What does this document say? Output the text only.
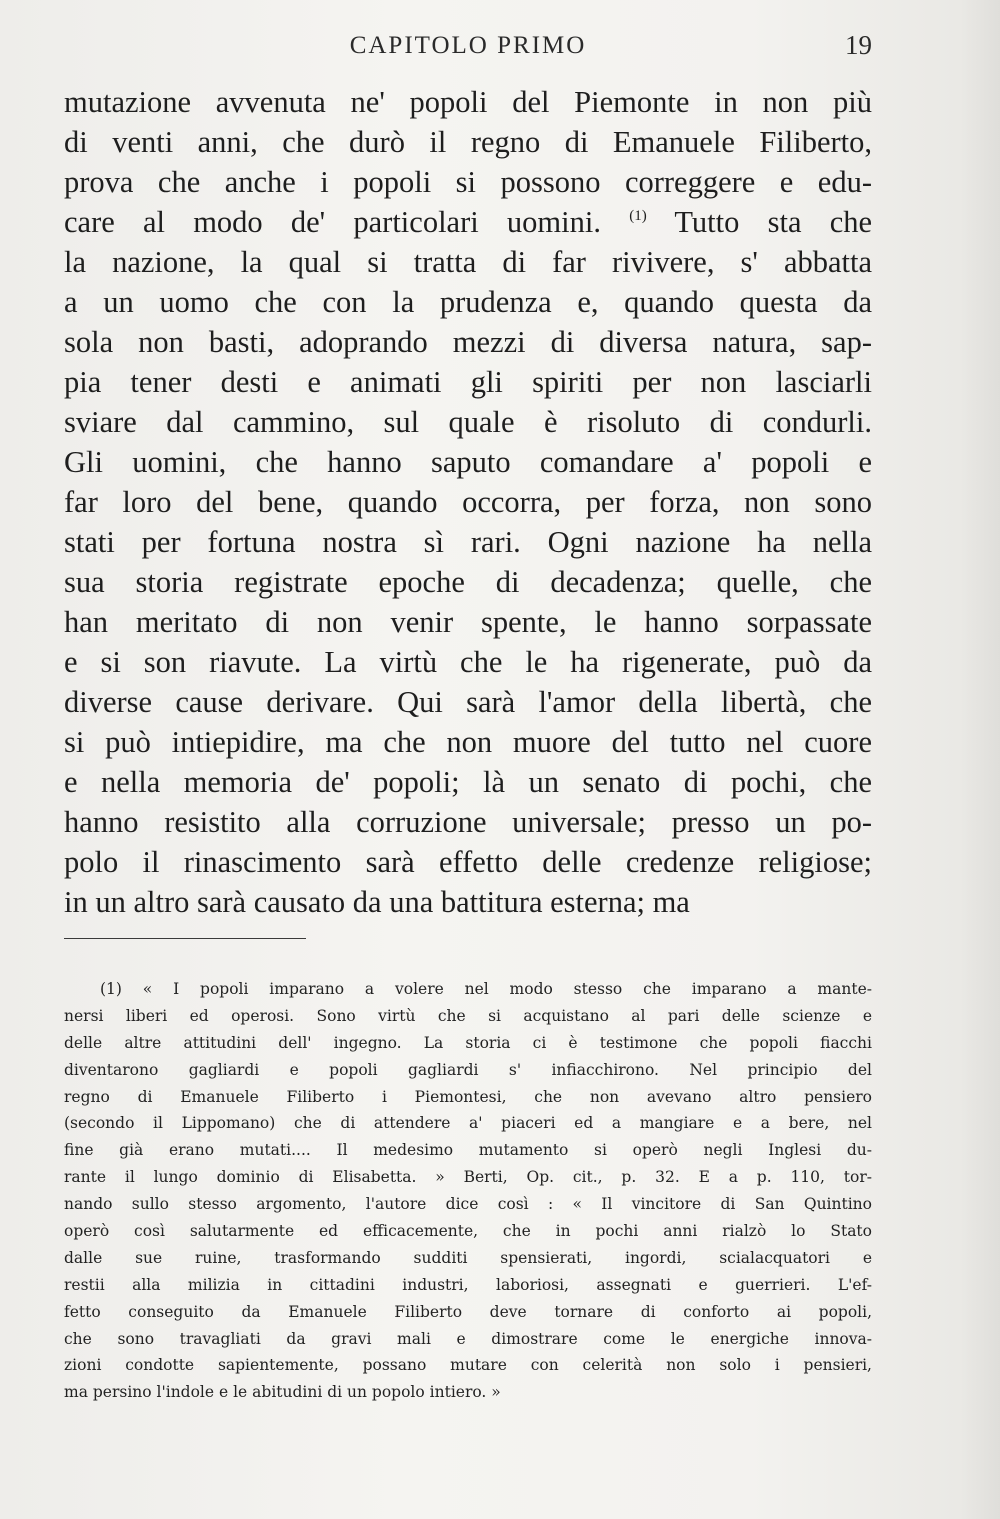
CAPITOLO PRIMO	19
mutazione avvenuta ne' popoli del Piemonte in non più
di venti anni, che durò il regno di Emanuele Filiberto,
prova che anche i popoli si possono correggere e edu-
care al modo de' particolari uomini. $^{(1)}$ Tutto sta che
la nazione, la qual si tratta di far rivivere, s' abbatta
a un uomo che con la prudenza e, quando questa da
sola non basti, adoprando mezzi di diversa natura, sap-
pia tener desti e animati gli spiriti per non lasciarli
sviare dal cammino, sul quale è risoluto di condurli.
Gli uomini, che hanno saputo comandare a' popoli e
far loro del bene, quando occorra, per forza, non sono
stati per fortuna nostra sì rari. Ogni nazione ha nella
sua storia registrate epoche di decadenza; quelle, che
han meritato di non venir spente, le hanno sorpassate
e si son riavute. La virtù che le ha rigenerate, può da
diverse cause derivare. Qui sarà l'amor della libertà, che
si può intiepidire, ma che non muore del tutto nel cuore
e nella memoria de' popoli; là un senato di pochi, che
hanno resistito alla corruzione universale; presso un po-
polo il rinascimento sarà effetto delle credenze religiose;
in un altro sarà causato da una battitura esterna; ma
(1) « I popoli imparano a volere nel modo stesso che imparano a mante-
nersi liberi ed operosi. Sono virtù che si acquistano al pari delle scienze e
delle altre attitudini dell' ingegno. La storia ci è testimone che popoli fiacchi
diventarono gagliardi e popoli gagliardi s' infiacchirono. Nel principio del
regno di Emanuele Filiberto i Piemontesi, che non avevano altro pensiero
(secondo il Lippomano) che di attendere a' piaceri ed a mangiare e a bere, nel
fine già erano mutati.... Il medesimo mutamento si operò negli Inglesi du-
rante il lungo dominio di Elisabetta. » Berti, Op. cit., p. 32. E a p. 110, tor-
nando sullo stesso argomento, l'autore dice così : « Il vincitore di San Quintino
operò così salutarmente ed efficacemente, che in pochi anni rialzò lo Stato
dalle sue ruine, trasformando sudditi spensierati, ingordi, scialacquatori e
restii alla milizia in cittadini industri, laboriosi, assegnati e guerrieri. L'ef-
fetto conseguito da Emanuele Filiberto deve tornare di conforto ai popoli,
che sono travagliati da gravi mali e dimostrare come le energiche innova-
zioni condotte sapientemente, possano mutare con celerità non solo i pensieri,
ma persino l'indole e le abitudini di un popolo intiero. »
